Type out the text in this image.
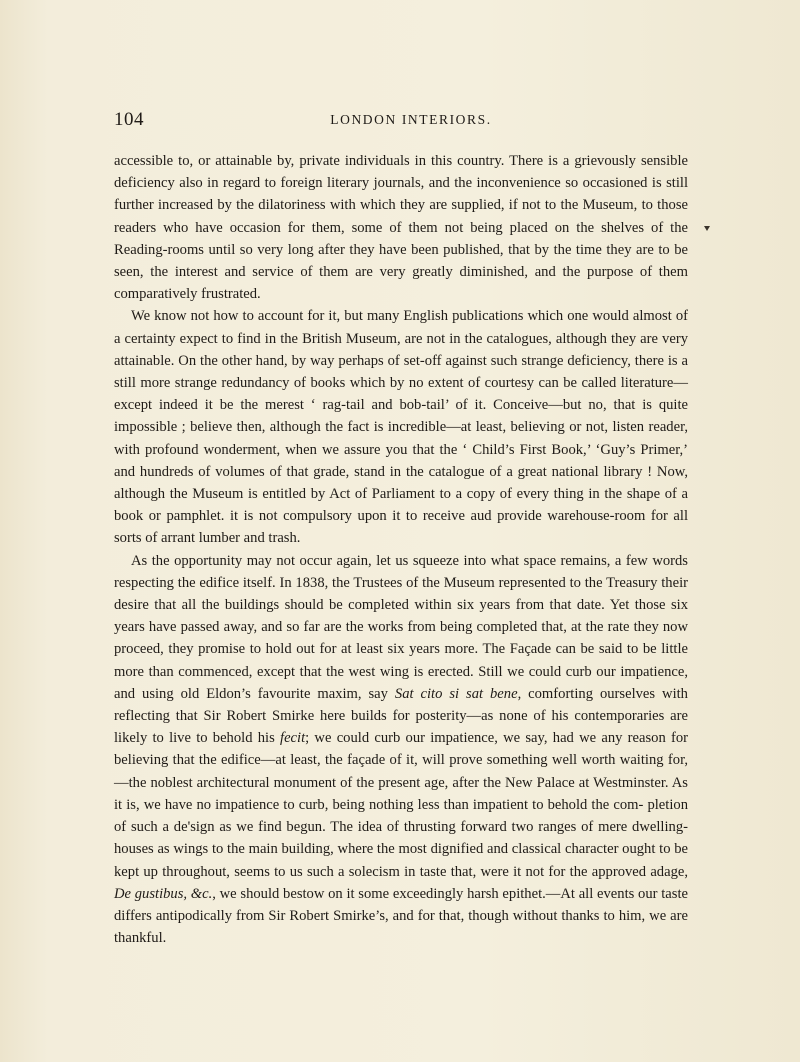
104	LONDON INTERIORS.

accessible to, or attainable by, private individuals in this country. There is a grievously sensible deficiency also in regard to foreign literary journals, and the inconvenience so occasioned is still further increased by the dilatoriness with which they are supplied, if not to the Museum, to those readers who have occasion for them, some of them not being placed on the shelves of the Reading-rooms until so very long after they have been published, that by the time they are to be seen, the interest and service of them are very greatly diminished, and the purpose of them comparatively frustrated.

We know not how to account for it, but many English publications which one would almost of a certainty expect to find in the British Museum, are not in the catalogues, although they are very attainable. On the other hand, by way perhaps of set-off against such strange deficiency, there is a still more strange redundancy of books which by no extent of courtesy can be called literature—except indeed it be the merest ‘ rag-tail and bob-tail’ of it. Conceive—but no, that is quite impossible ; believe then, although the fact is incredible—at least, believing or not, listen reader, with profound wonderment, when we assure you that the ‘ Child’s First Book,’ ‘Guy’s Primer,’ and hundreds of volumes of that grade, stand in the catalogue of a great national library ! Now, although the Museum is entitled by Act of Parliament to a copy of every thing in the shape of a book or pamphlet. it is not compulsory upon it to receive aud provide warehouse-room for all sorts of arrant lumber and trash.

As the opportunity may not occur again, let us squeeze into what space remains, a few words respecting the edifice itself. In 1838, the Trustees of the Museum represented to the Treasury their desire that all the buildings should be completed within six years from that date. Yet those six years have passed away, and so far are the works from being completed that, at the rate they now proceed, they promise to hold out for at least six years more. The Façade can be said to be little more than commenced, except that the west wing is erected. Still we could curb our impatience, and using old Eldon’s favourite maxim, say Sat cito si sat bene, comforting ourselves with reflecting that Sir Robert Smirke here builds for posterity—as none of his contemporaries are likely to live to behold his fecit; we could curb our impatience, we say, had we any reason for believing that the edifice—at least, the façade of it, will prove something well worth waiting for,—the noblest architectural monument of the present age, after the New Palace at Westminster. As it is, we have no impatience to curb, being nothing less than impatient to behold the com- pletion of such a de'sign as we find begun. The idea of thrusting forward two ranges of mere dwelling-houses as wings to the main building, where the most dignified and classical character ought to be kept up throughout, seems to us such a solecism in taste that, were it not for the approved adage, De gustibus, &c., we should bestow on it some exceedingly harsh epithet.—At all events our taste differs antipodically from Sir Robert Smirke’s, and for that, though without thanks to him, we are thankful.
